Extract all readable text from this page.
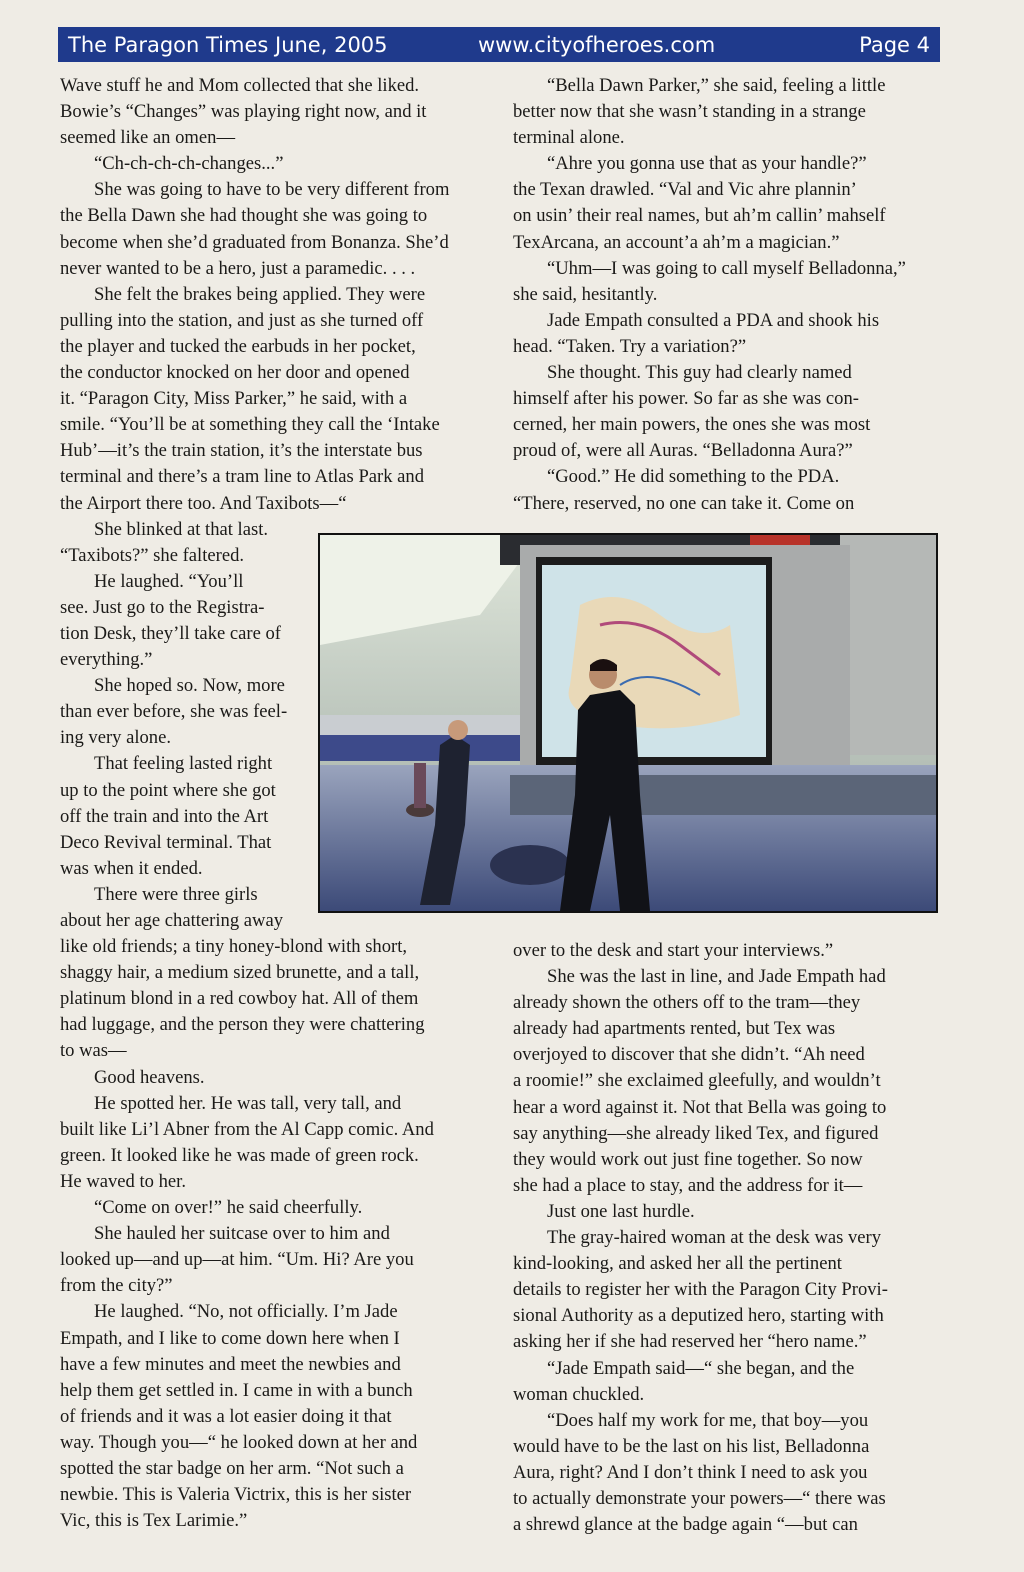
The Paragon Times June, 2005	www.cityofheroes.com	Page 4
Wave stuff he and Mom collected that she liked.
Bowie’s “Changes” was playing right now, and it
seemed like an omen—
“Ch-ch-ch-ch-changes...”
She was going to have to be very different from
the Bella Dawn she had thought she was going to
become when she’d graduated from Bonanza. She’d
never wanted to be a hero, just a paramedic. . . .
She felt the brakes being applied. They were
pulling into the station, and just as she turned off
the player and tucked the earbuds in her pocket,
the conductor knocked on her door and opened
it. “Paragon City, Miss Parker,” he said, with a
smile. “You’ll be at something they call the ‘Intake
Hub’—it’s the train station, it’s the interstate bus
terminal and there’s a tram line to Atlas Park and
the Airport there too. And Taxibots—“
She blinked at that last.
“Taxibots?” she faltered.
He laughed. “You’ll
see. Just go to the Registra-
tion Desk, they’ll take care of
everything.”
She hoped so. Now, more
than ever before, she was feel-
ing very alone.
That feeling lasted right
up to the point where she got
off the train and into the Art
Deco Revival terminal. That
was when it ended.
There were three girls
about her age chattering away
like old friends; a tiny honey-blond with short,
shaggy hair, a medium sized brunette, and a tall,
platinum blond in a red cowboy hat. All of them
had luggage, and the person they were chattering
to was—
Good heavens.
He spotted her. He was tall, very tall, and
built like Li’l Abner from the Al Capp comic. And
green. It looked like he was made of green rock.
He waved to her.
“Come on over!” he said cheerfully.
She hauled her suitcase over to him and
looked up—and up—at him. “Um. Hi? Are you
from the city?”
He laughed. “No, not officially. I’m Jade
Empath, and I like to come down here when I
have a few minutes and meet the newbies and
help them get settled in. I came in with a bunch
of friends and it was a lot easier doing it that
way. Though you—“ he looked down at her and
spotted the star badge on her arm. “Not such a
newbie. This is Valeria Victrix, this is her sister
Vic, this is Tex Larimie.”
“Bella Dawn Parker,” she said, feeling a little
better now that she wasn’t standing in a strange
terminal alone.
“Ahre you gonna use that as your handle?”
the Texan drawled. “Val and Vic ahre plannin’
on usin’ their real names, but ah’m callin’ mahself
TexArcana, an account’a ah’m a magician.”
“Uhm—I was going to call myself Belladonna,”
she said, hesitantly.
Jade Empath consulted a PDA and shook his
head. “Taken. Try a variation?”
She thought. This guy had clearly named
himself after his power. So far as she was con-
cerned, her main powers, the ones she was most
proud of, were all Auras. “Belladonna Aura?”
“Good.” He did something to the PDA.
“There, reserved, no one can take it. Come on
over to the desk and start your interviews.”
She was the last in line, and Jade Empath had
already shown the others off to the tram—they
already had apartments rented, but Tex was
overjoyed to discover that she didn’t. “Ah need
a roomie!” she exclaimed gleefully, and wouldn’t
hear a word against it. Not that Bella was going to
say anything—she already liked Tex, and figured
they would work out just fine together. So now
she had a place to stay, and the address for it—
Just one last hurdle.
The gray-haired woman at the desk was very
kind-looking, and asked her all the pertinent
details to register her with the Paragon City Provi-
sional Authority as a deputized hero, starting with
asking her if she had reserved her “hero name.”
“Jade Empath said—“ she began, and the
woman chuckled.
“Does half my work for me, that boy—you
would have to be the last on his list, Belladonna
Aura, right? And I don’t think I need to ask you
to actually demonstrate your powers—“ there was
a shrewd glance at the badge again “—but can
